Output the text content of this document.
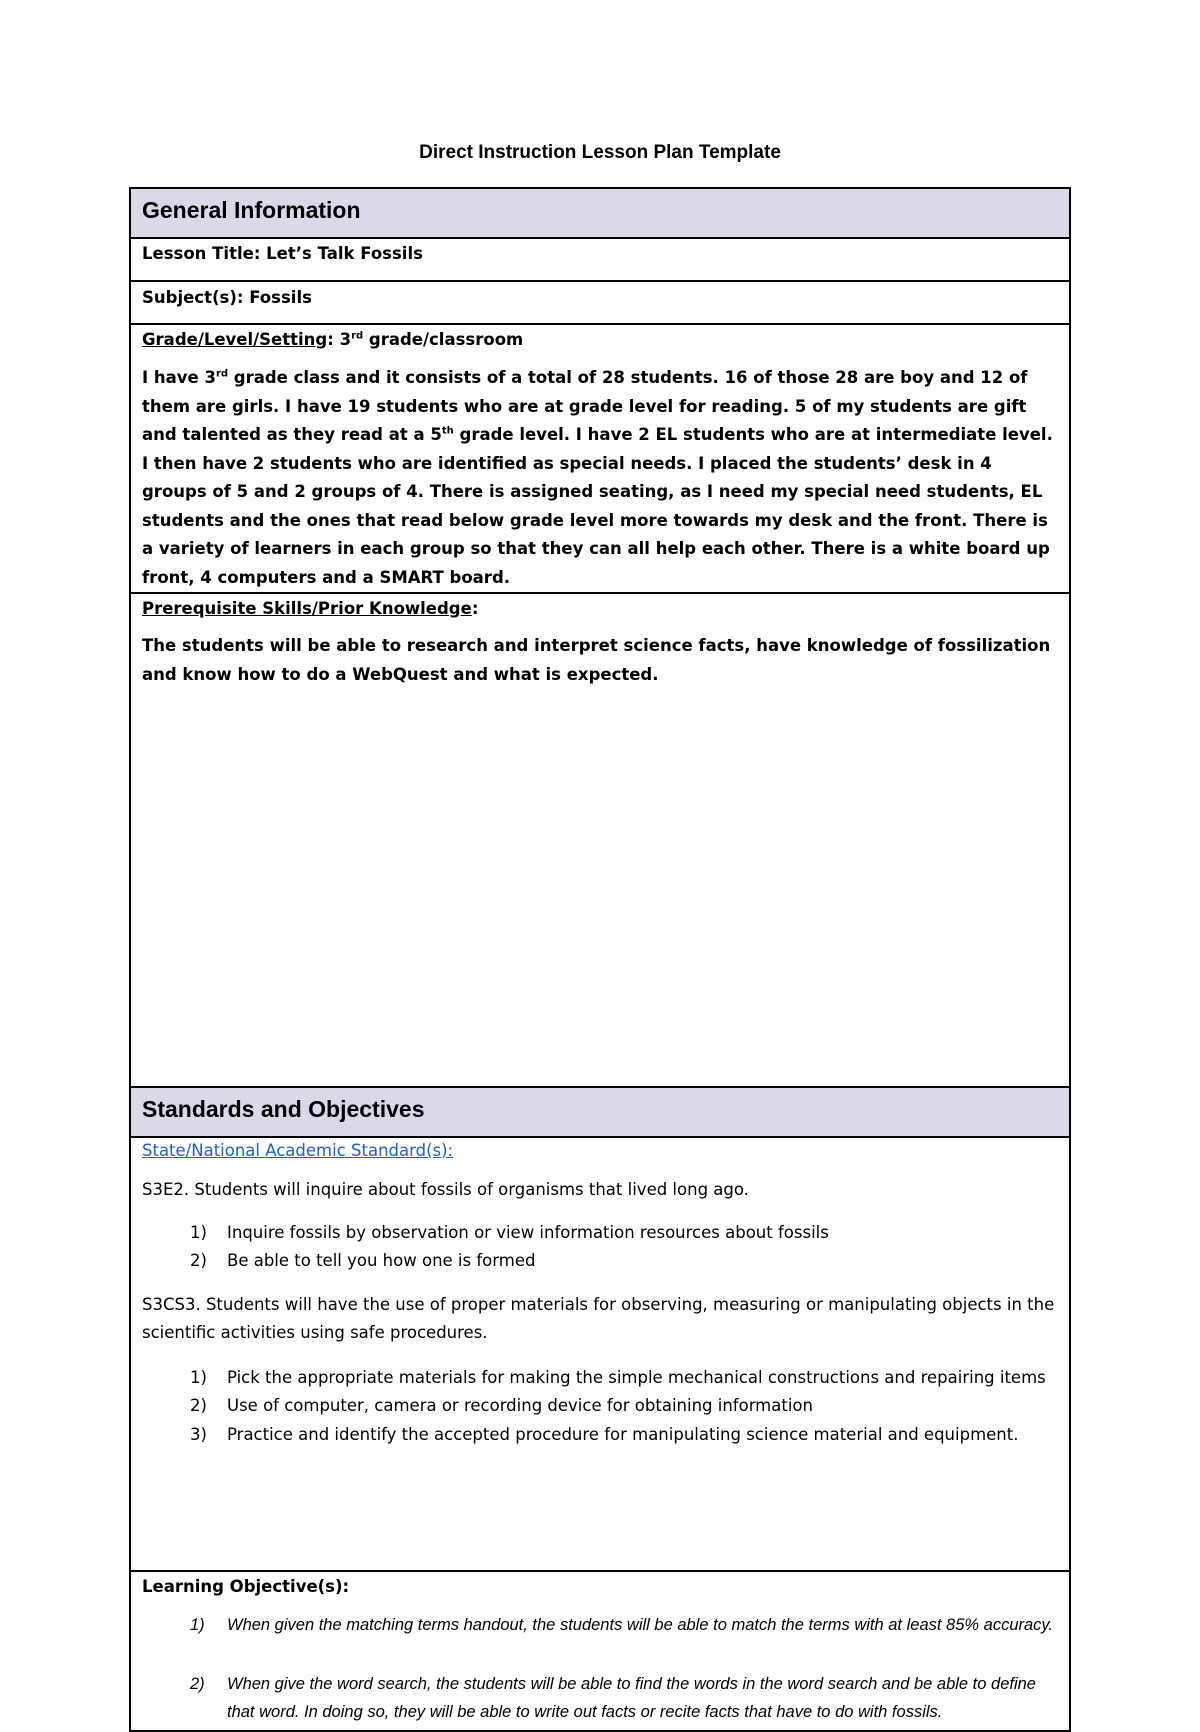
Direct Instruction Lesson Plan Template
General Information

Lesson Title: Let’s Talk Fossils

Subject(s): Fossils

Grade/Level/Setting: 3rd grade/classroom

I have 3rd grade class and it consists of a total of 28 students. 16 of those 28 are boy and 12 of them are girls. I have 19 students who are at grade level for reading. 5 of my students are gift and talented as they read at a 5th grade level. I have 2 EL students who are at intermediate level. I then have 2 students who are identified as special needs. I placed the students’ desk in 4 groups of 5 and 2 groups of 4. There is assigned seating, as I need my special need students, EL students and the ones that read below grade level more towards my desk and the front. There is a variety of learners in each group so that they can all help each other. There is a white board up front, 4 computers and a SMART board.

Prerequisite Skills/Prior Knowledge:

The students will be able to research and interpret science facts, have knowledge of fossilization and know how to do a WebQuest and what is expected.

Standards and Objectives

State/National Academic Standard(s):

S3E2. Students will inquire about fossils of organisms that lived long ago.

1) Inquire fossils by observation or view information resources about fossils
2) Be able to tell you how one is formed

S3CS3. Students will have the use of proper materials for observing, measuring or manipulating objects in the scientific activities using safe procedures.

1) Pick the appropriate materials for making the simple mechanical constructions and repairing items
2) Use of computer, camera or recording device for obtaining information
3) Practice and identify the accepted procedure for manipulating science material and equipment.

Learning Objective(s):

1) When given the matching terms handout, the students will be able to match the terms with at least 85% accuracy.
2) When give the word search, the students will be able to find the words in the word search and be able to define that word. In doing so, they will be able to write out facts or recite facts that have to do with fossils.
